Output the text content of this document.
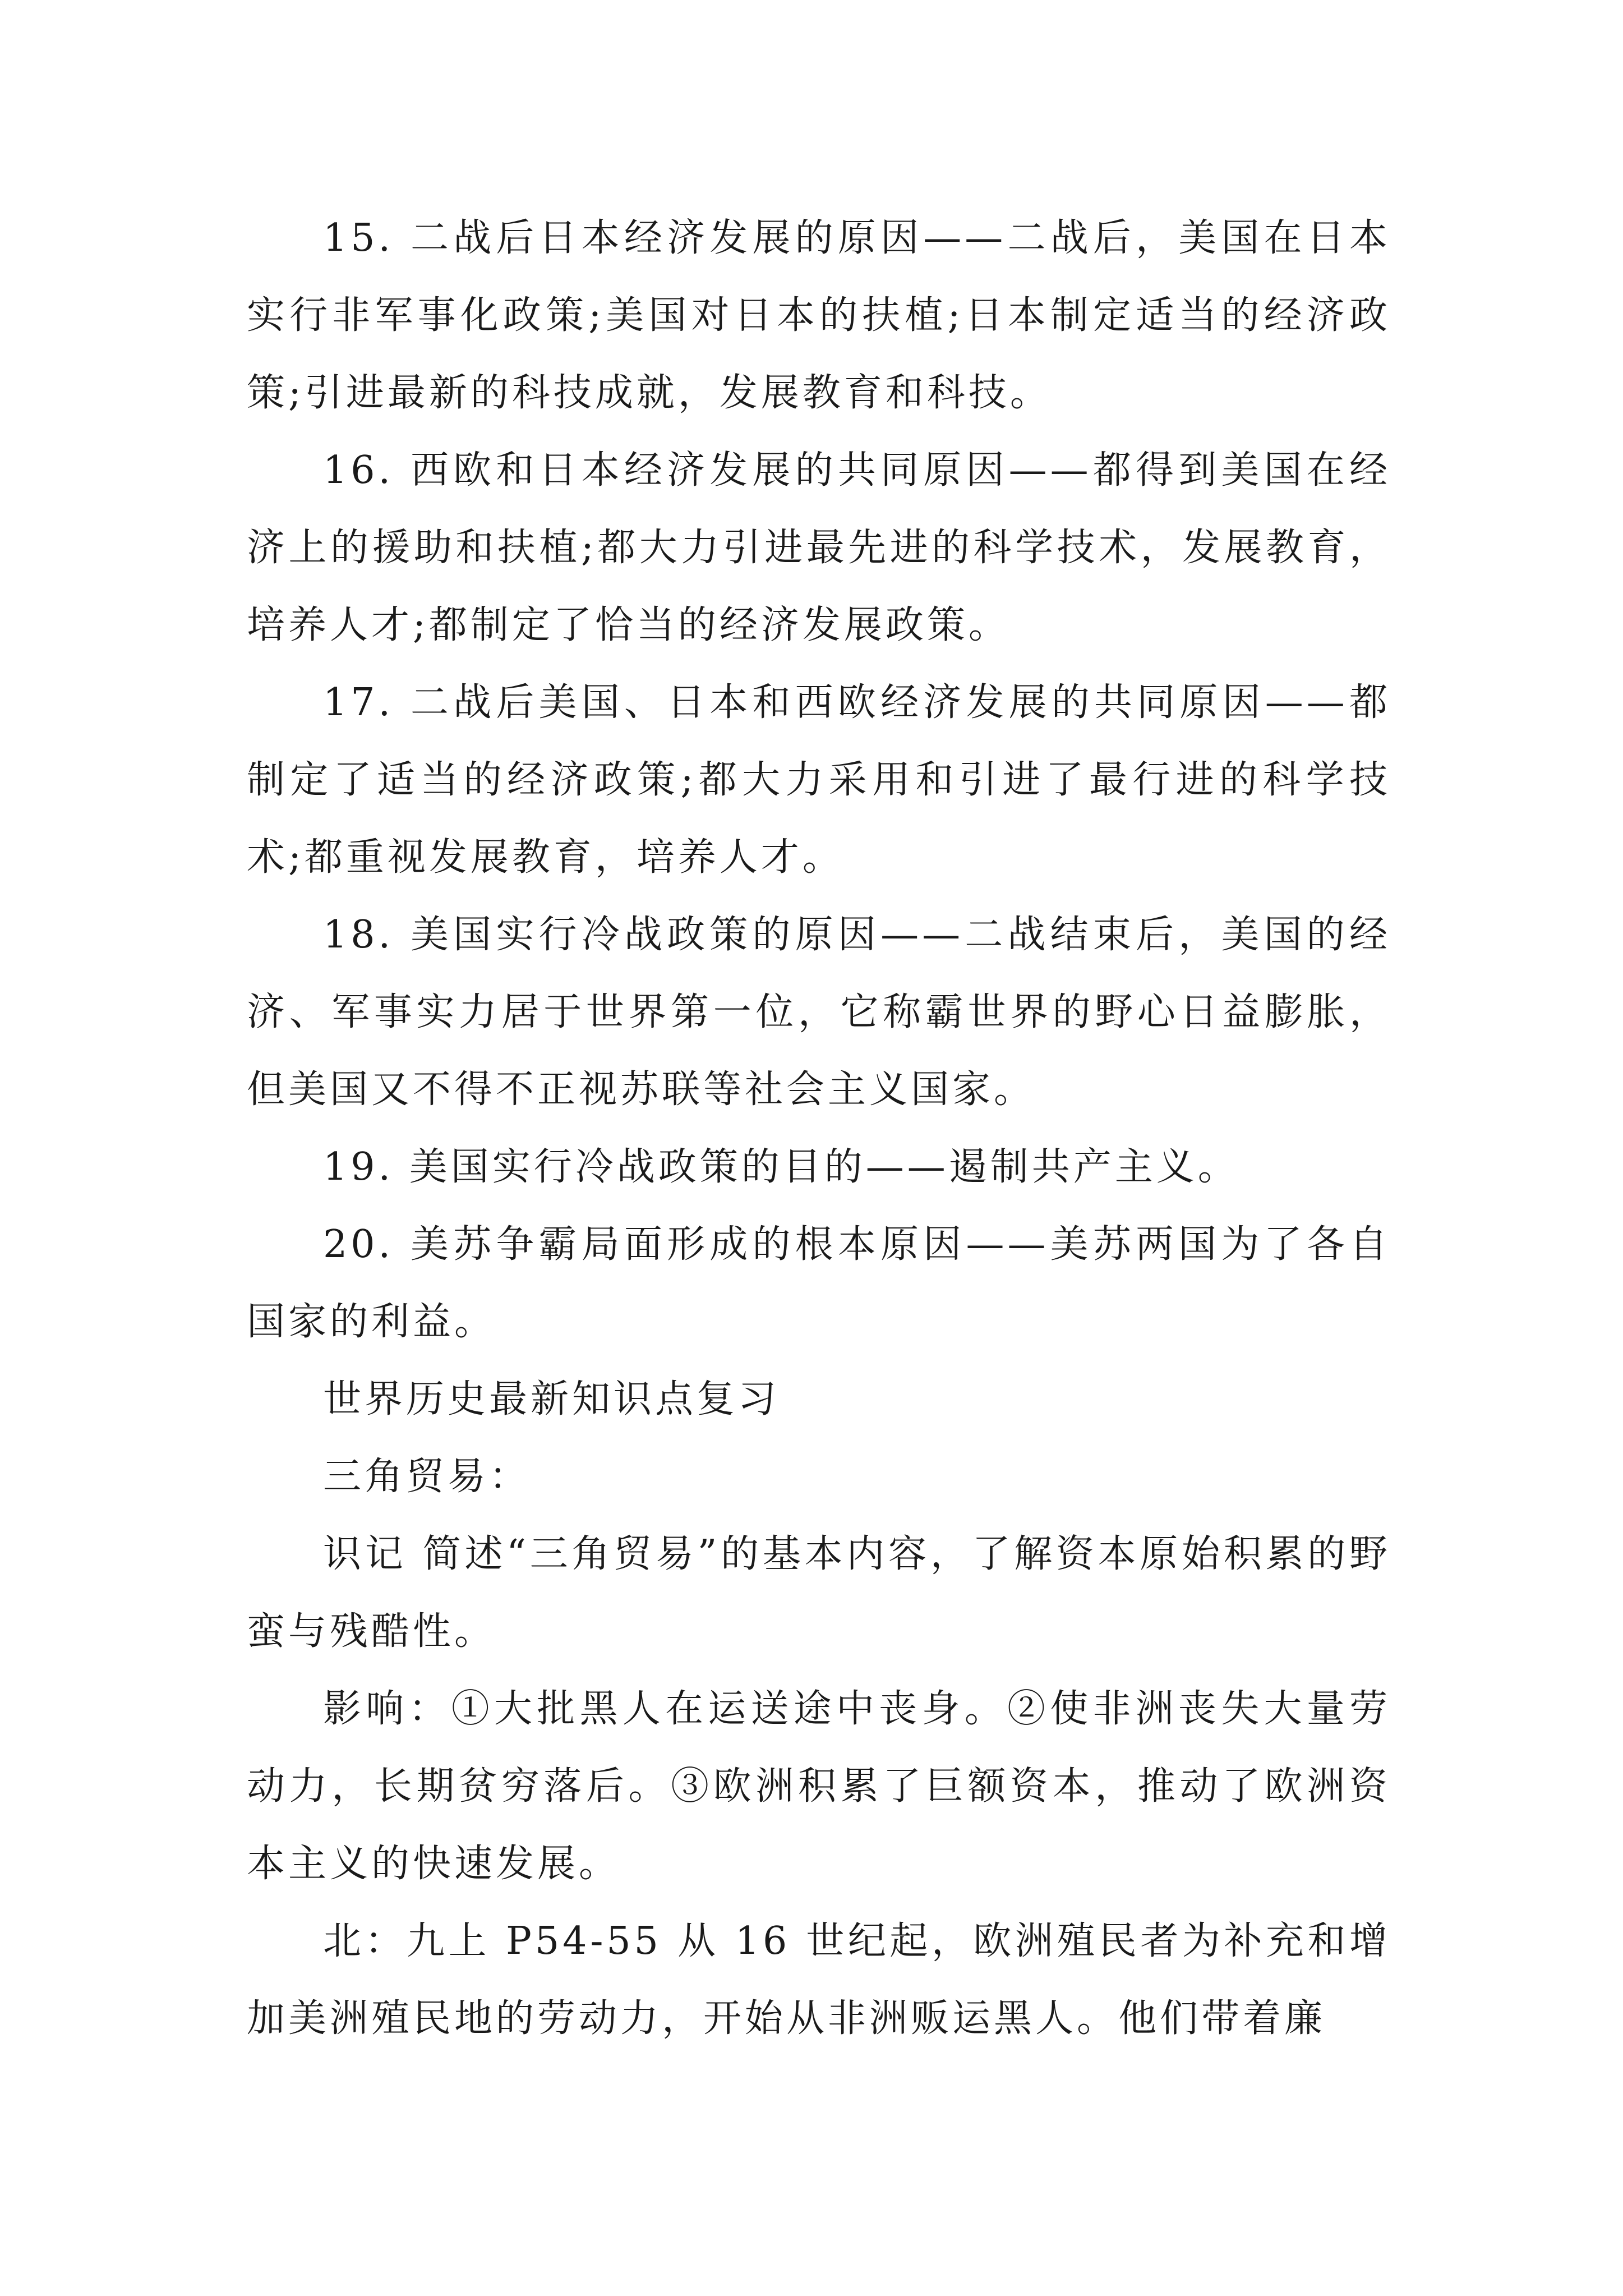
15. 二战后日本经济发展的原因——二战后，美国在日本实行非军事化政策;美国对日本的扶植;日本制定适当的经济政策;引进最新的科技成就，发展教育和科技。

16. 西欧和日本经济发展的共同原因——都得到美国在经济上的援助和扶植;都大力引进最先进的科学技术，发展教育，培养人才;都制定了恰当的经济发展政策。

17. 二战后美国、日本和西欧经济发展的共同原因——都制定了适当的经济政策;都大力采用和引进了最行进的科学技术;都重视发展教育，培养人才。

18. 美国实行冷战政策的原因——二战结束后，美国的经济、军事实力居于世界第一位，它称霸世界的野心日益膨胀，但美国又不得不正视苏联等社会主义国家。

19. 美国实行冷战政策的目的——遏制共产主义。

20. 美苏争霸局面形成的根本原因——美苏两国为了各自国家的利益。

世界历史最新知识点复习

三角贸易：

识记 简述“三角贸易”的基本内容，了解资本原始积累的野蛮与残酷性。

影响：①大批黑人在运送途中丧身。②使非洲丧失大量劳动力，长期贫穷落后。③欧洲积累了巨额资本，推动了欧洲资本主义的快速发展。

北：九上 P54-55 从 16 世纪起，欧洲殖民者为补充和增加美洲殖民地的劳动力，开始从非洲贩运黑人。他们带着廉
